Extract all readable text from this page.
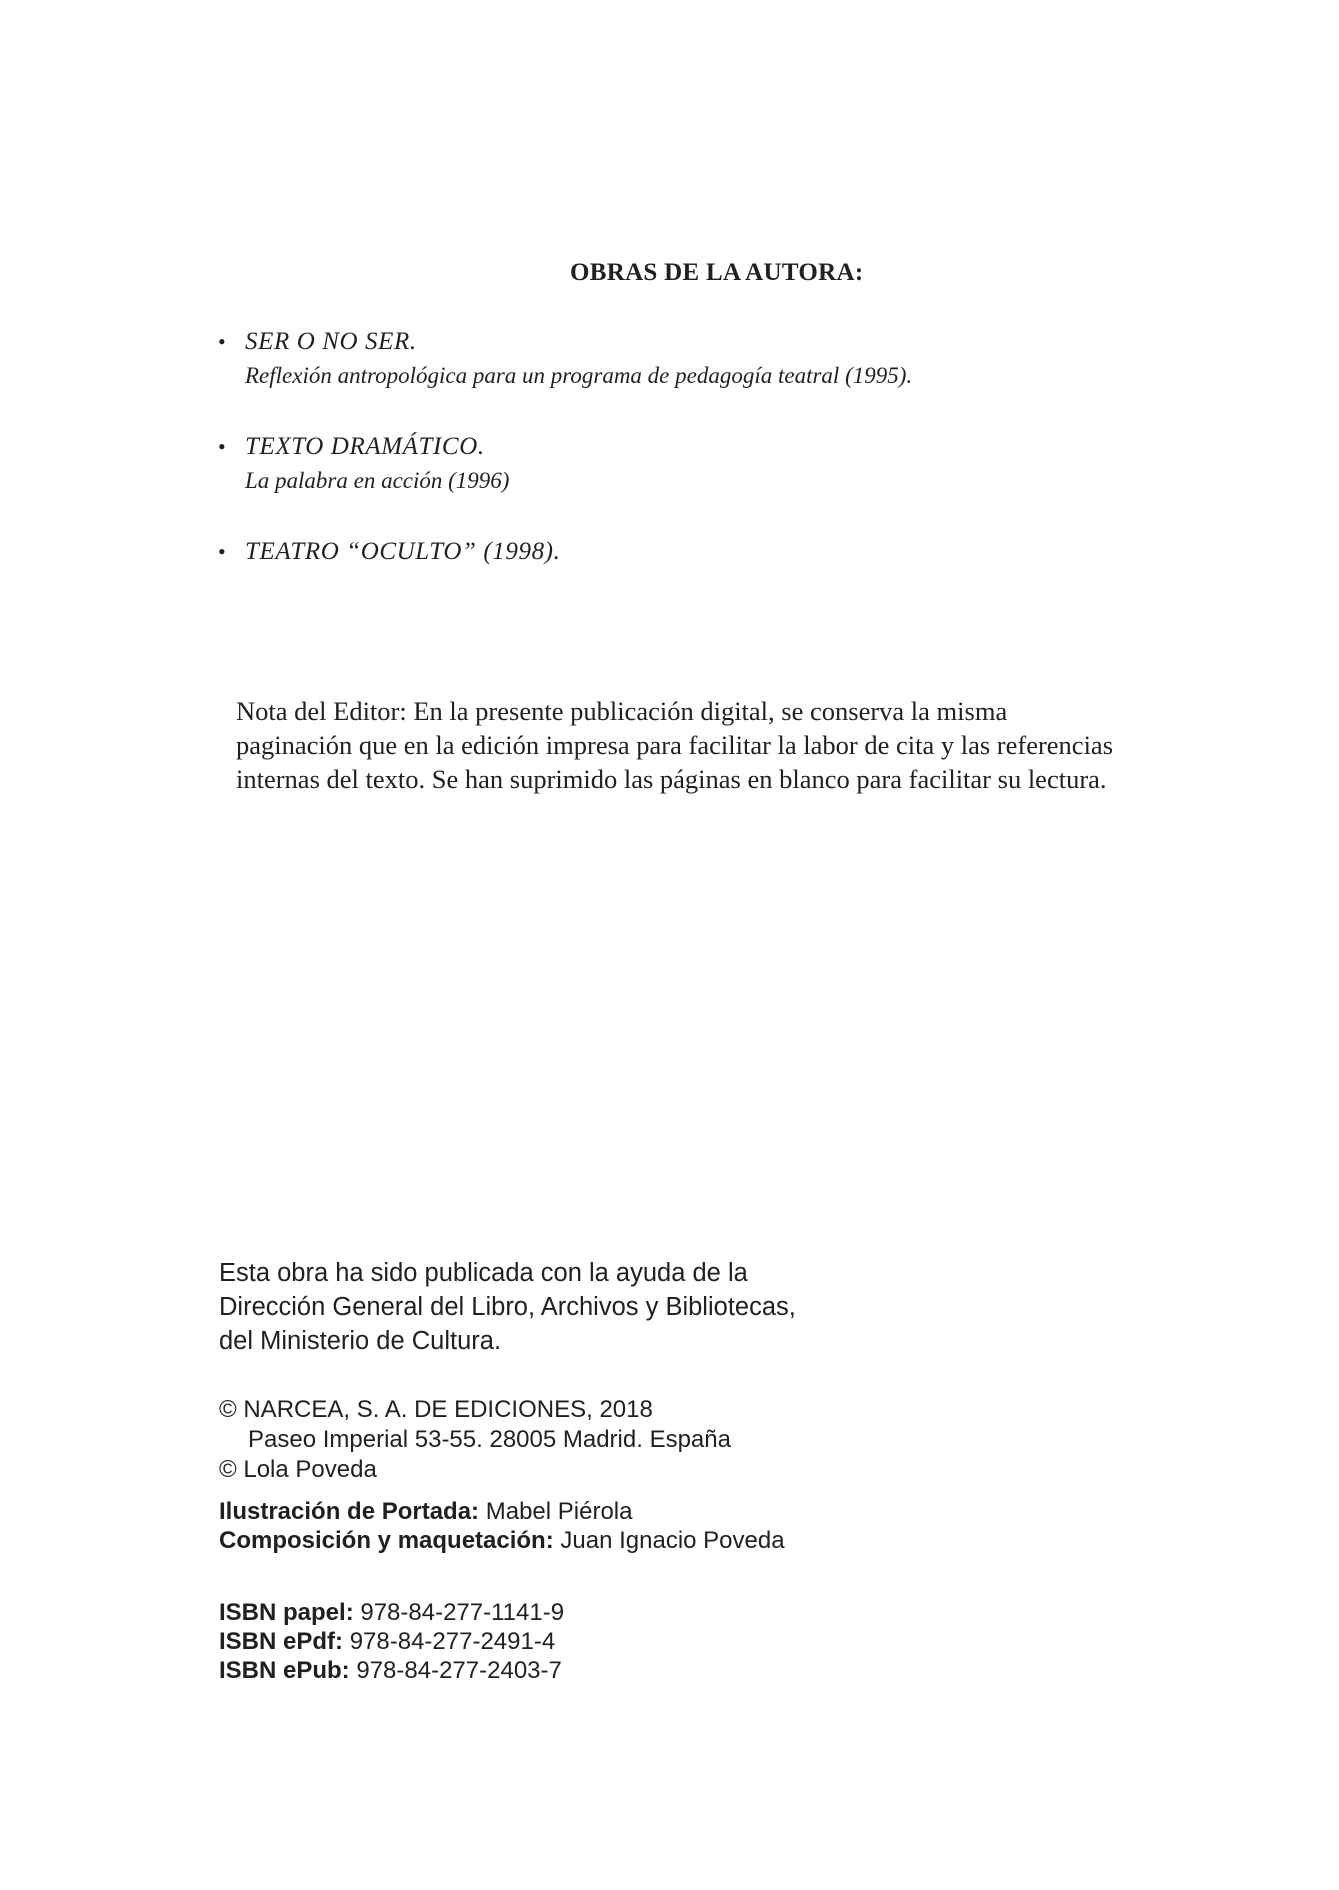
OBRAS DE LA AUTORA:
• SER O NO SER.
Reflexión antropológica para un programa de pedagogía teatral (1995).
• TEXTO DRAMÁTICO.
La palabra en acción (1996)
• TEATRO “OCULTO” (1998).

Nota del Editor: En la presente publicación digital, se conserva la misma paginación que en la edición impresa para facilitar la labor de cita y las referencias internas del texto. Se han suprimido las páginas en blanco para facilitar su lectura.

Esta obra ha sido publicada con la ayuda de la
Dirección General del Libro, Archivos y Bibliotecas,
del Ministerio de Cultura.
© NARCEA, S. A. DE EDICIONES, 2018
Paseo Imperial 53-55. 28005 Madrid. España
© Lola Poveda
Ilustración de Portada: Mabel Piérola
Composición y maquetación: Juan Ignacio Poveda
ISBN papel: 978-84-277-1141-9
ISBN ePdf: 978-84-277-2491-4
ISBN ePub: 978-84-277-2403-7
